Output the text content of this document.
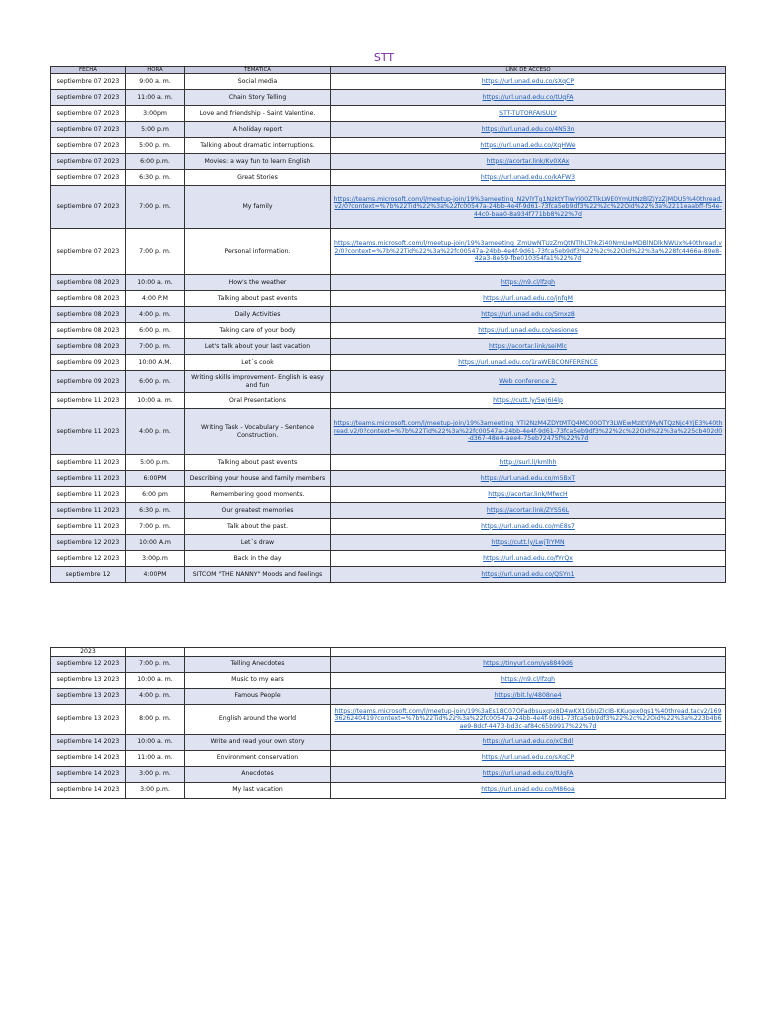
STT
FECHA	HORA	TEMÁTICA	LINK DE ACCESO
septiembre 07 2023	9:00 a. m.	Social media	https://url.unad.edu.co/sXqCP
septiembre 07 2023	11:00 a. m.	Chain Story Telling	https://url.unad.edu.co/tUqFA
septiembre 07 2023	3:00pm	Love and friendship - Saint Valentine.	STT-TUTORFAISULY
septiembre 07 2023	5:00 p.m	A holiday report	https://url.unad.edu.co/4N53n
septiembre 07 2023	5:00 p. m.	Talking about dramatic interruptions.	https://url.unad.edu.co/XqHWe
septiembre 07 2023	6:00 p.m.	Movies: a way fun to learn English	https://acortar.link/Kv0XAx
septiembre 07 2023	6:30 p. m.	Great Stories	https://url.unad.edu.co/kAFW3
septiembre 07 2023	7:00 p. m.	My family	https://teams.microsoft.com/l/meetup-join/19%3ameeting_N2VlYTg1NzktYTIwYi00ZTlkLWE0YmUtNzBlZjYzZjMDU5%40thread.v2/0?context=%7b%22Tid%22%3a%22fc00547a-24bb-4e4f-9d61-73fca5eb9df3%22%2c%22Oid%22%3a%2211eaabff-f54e-44c0-baa0-8a934f771bb8%22%7d
septiembre 07 2023	7:00 p. m.	Personal information.	https://teams.microsoft.com/l/meetup-join/19%3ameeting_ZmUwNTUzZmQtNTlhLThkZi40NmUwMDBlNDlkNWUx%40thread.v2/0?context=%7b%22Tid%22%3a%22fc00547a-24bb-4e4f-9d61-73fca5eb9df3%22%2c%22Oid%22%3a%228fc4466a-89e8-42a3-8e59-fbe010354fa1%22%7d
septiembre 08 2023	10:00 a. m.	How's the weather	https://n9.cl/lfzgh
septiembre 08 2023	4:00 P.M	Talking about past events	https://url.unad.edu.co/jnfgM
septiembre 08 2023	4:00 p. m.	Daily Activities	https://url.unad.edu.co/Smxz8
septiembre 08 2023	6:00 p. m.	Taking care of your body	https://url.unad.edu.co/sesiones
septiembre 08 2023	7:00 p. m.	Let's talk about your last vacation	https://acortar.link/seiMlc
septiembre 09 2023	10:00 A.M.	Let´s cook	https://url.unad.edu.co/1raWEBCONFERENCE
septiembre 09 2023	6:00 p. m.	Writing skills improvement- English is easy and fun	Web conference 2.
septiembre 11 2023	10:00 a. m.	Oral Presentations	https://cutt.ly/5wj6I4lp
septiembre 11 2023	4:00 p. m.	Writing Task - Vocabulary - Sentence Construction.	https://teams.microsoft.com/l/meetup-join/19%3ameeting_YTI2NzM4ZDYtMTQ4MC00OTY3LWEwMzItYjMyNTQzNjc4YjE3%40thread.v2/0?context=%7b%22Tid%22%3a%22fc00547a-24bb-4e4f-9d61-73fca5eb9df3%22%2c%22Oid%22%3a%225cb402d0-d367-48e4-aee4-75eb72475f%22%7d
septiembre 11 2023	5:00 p.m.	Talking about past events	http://surl.li/kmlhh
septiembre 11 2023	6:00PM	Describing your house and family members	https://url.unad.edu.co/m5BxT
septiembre 11 2023	6:00 pm	Remembering good moments.	https://acortar.link/MfwcH
septiembre 11 2023	6:30 p. m.	Our greatest memories	https://acortar.link/ZYS56L
septiembre 11 2023	7:00 p. m.	Talk about the past.	https://url.unad.edu.co/mE8s7
septiembre 12 2023	10:00 A.m	Let´s draw	https://cutt.ly/LwjTrYMN
septiembre 12 2023	3:00p.m	Back in the day	https://url.unad.edu.co/fYrQx
septiembre 12	4:00PM	SITCOM "THE NANNY" Moods and feelings	https://url.unad.edu.co/QSYn1
2023			
septiembre 12 2023	7:00 p. m.	Telling Anecdotes	https://tinyurl.com/ys8849d6
septiembre 13 2023	10:00 a. m.	Music to my ears	https://n9.cl/lfzgh
septiembre 13 2023	4:00 p. m.	Famous People	https://bit.ly/4808ne4
septiembre 13 2023	8:00 p. m.	English around the world	https://teams.microsoft.com/l/meetup-join/19%3aEs18C07OFadbsuxqIx8D4wKX1GbUZIcIB-KKugex0qs1%40thread.tacv2/1693626240419?context=%7b%22Tid%22%3a%22fc00547a-24bb-4e4f-9d61-73fca5eb9df3%22%2c%22Oid%22%3a%223b4b6ae9-8dcf-4473-bd3c-af84c65b9917%22%7d
septiembre 14 2023	10:00 a. m.	Write and read your own story	https://url.unad.edu.co/xCBdl
septiembre 14 2023	11:00 a. m.	Environment conservation	https://url.unad.edu.co/sXqCP
septiembre 14 2023	3:00 p. m.	Anecdotes	https://url.unad.edu.co/tUqFA
septiembre 14 2023	3:00 p.m.	My last vacation	https://url.unad.edu.co/M86oa
